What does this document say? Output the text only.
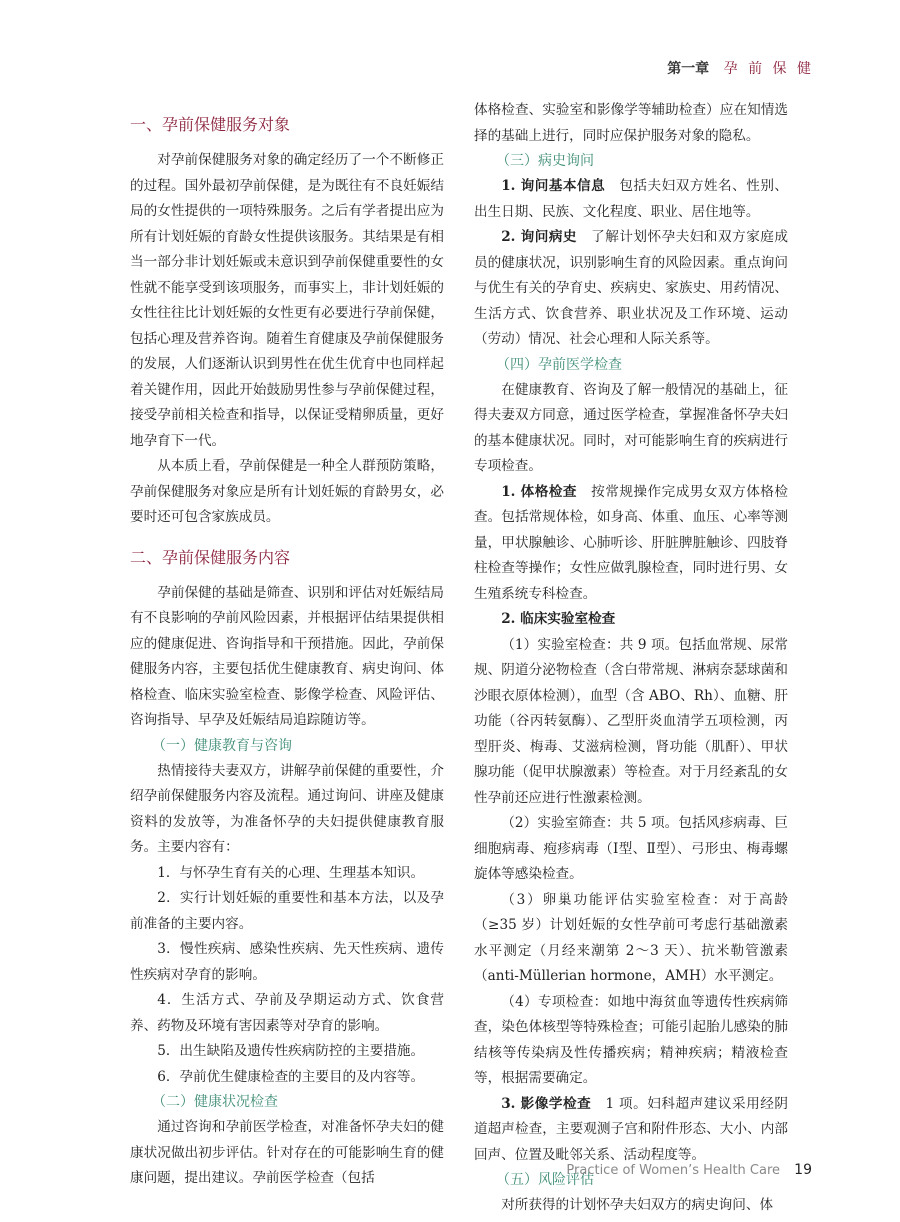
第一章 孕 前 保 健
一、孕前保健服务对象

对孕前保健服务对象的确定经历了一个不断修正的过程。国外最初孕前保健，是为既往有不良妊娠结局的女性提供的一项特殊服务。之后有学者提出应为所有计划妊娠的育龄女性提供该服务。其结果是有相当一部分非计划妊娠或未意识到孕前保健重要性的女性就不能享受到该项服务，而事实上，非计划妊娠的女性往往比计划妊娠的女性更有必要进行孕前保健，包括心理及营养咨询。随着生育健康及孕前保健服务的发展，人们逐渐认识到男性在优生优育中也同样起着关键作用，因此开始鼓励男性参与孕前保健过程，接受孕前相关检查和指导，以保证受精卵质量，更好地孕育下一代。

从本质上看，孕前保健是一种全人群预防策略，孕前保健服务对象应是所有计划妊娠的育龄男女，必要时还可包含家族成员。

二、孕前保健服务内容

孕前保健的基础是筛查、识别和评估对妊娠结局有不良影响的孕前风险因素，并根据评估结果提供相应的健康促进、咨询指导和干预措施。因此，孕前保健服务内容，主要包括优生健康教育、病史询问、体格检查、临床实验室检查、影像学检查、风险评估、咨询指导、早孕及妊娠结局追踪随访等。

（一）健康教育与咨询

热情接待夫妻双方，讲解孕前保健的重要性，介绍孕前保健服务内容及流程。通过询问、讲座及健康资料的发放等，为准备怀孕的夫妇提供健康教育服务。主要内容有：

1．与怀孕生育有关的心理、生理基本知识。

2．实行计划妊娠的重要性和基本方法，以及孕前准备的主要内容。

3．慢性疾病、感染性疾病、先天性疾病、遗传性疾病对孕育的影响。

4．生活方式、孕前及孕期运动方式、饮食营养、药物及环境有害因素等对孕育的影响。

5．出生缺陷及遗传性疾病防控的主要措施。

6．孕前优生健康检查的主要目的及内容等。

（二）健康状况检查

通过咨询和孕前医学检查，对准备怀孕夫妇的健康状况做出初步评估。针对存在的可能影响生育的健康问题，提出建议。孕前医学检查（包括

体格检查、实验室和影像学等辅助检查）应在知情选择的基础上进行，同时应保护服务对象的隐私。

（三）病史询问

1. 询问基本信息　 包括夫妇双方姓名、性别、出生日期、民族、文化程度、职业、居住地等。

2. 询问病史　 了解计划怀孕夫妇和双方家庭成员的健康状况，识别影响生育的风险因素。重点询问与优生有关的孕育史、疾病史、家族史、用药情况、生活方式、饮食营养、职业状况及工作环境、运动（劳动）情况、社会心理和人际关系等。

（四）孕前医学检查

在健康教育、咨询及了解一般情况的基础上，征得夫妻双方同意，通过医学检查，掌握准备怀孕夫妇的基本健康状况。同时，对可能影响生育的疾病进行专项检查。

1. 体格检查　 按常规操作完成男女双方体格检查。包括常规体检，如身高、体重、血压、心率等测量，甲状腺触诊、心肺听诊、肝脏脾脏触诊、四肢脊柱检查等操作；女性应做乳腺检查，同时进行男、女生殖系统专科检查。

2. 临床实验室检查

（1）实验室检查：共 9 项。包括血常规、尿常规、阴道分泌物检查（含白带常规、淋病奈瑟球菌和沙眼衣原体检测），血型（含 ABO、Rh）、血糖、肝功能（谷丙转氨酶）、乙型肝炎血清学五项检测，丙型肝炎、梅毒、艾滋病检测，肾功能（肌酐）、甲状腺功能（促甲状腺激素）等检查。对于月经紊乱的女性孕前还应进行性激素检测。

（2）实验室筛查：共 5 项。包括风疹病毒、巨细胞病毒、疱疹病毒（Ⅰ型、Ⅱ型）、弓形虫、梅毒螺旋体等感染检查。

（3）卵巢功能评估实验室检查：对于高龄（≥35 岁）计划妊娠的女性孕前可考虑行基础激素水平测定（月经来潮第 2～3 天）、抗米勒管激素（anti-Müllerian hormone，AMH）水平测定。

（4）专项检查：如地中海贫血等遗传性疾病筛查，染色体核型等特殊检查；可能引起胎儿感染的肺结核等传染病及性传播疾病；精神疾病；精液检查等，根据需要确定。

3. 影像学检查　 1 项。妇科超声建议采用经阴道超声检查，主要观测子宫和附件形态、大小、内部回声、位置及毗邻关系、活动程度等。

（五）风险评估

对所获得的计划怀孕夫妇双方的病史询问、体

Practice of Women’s Health Care 19
